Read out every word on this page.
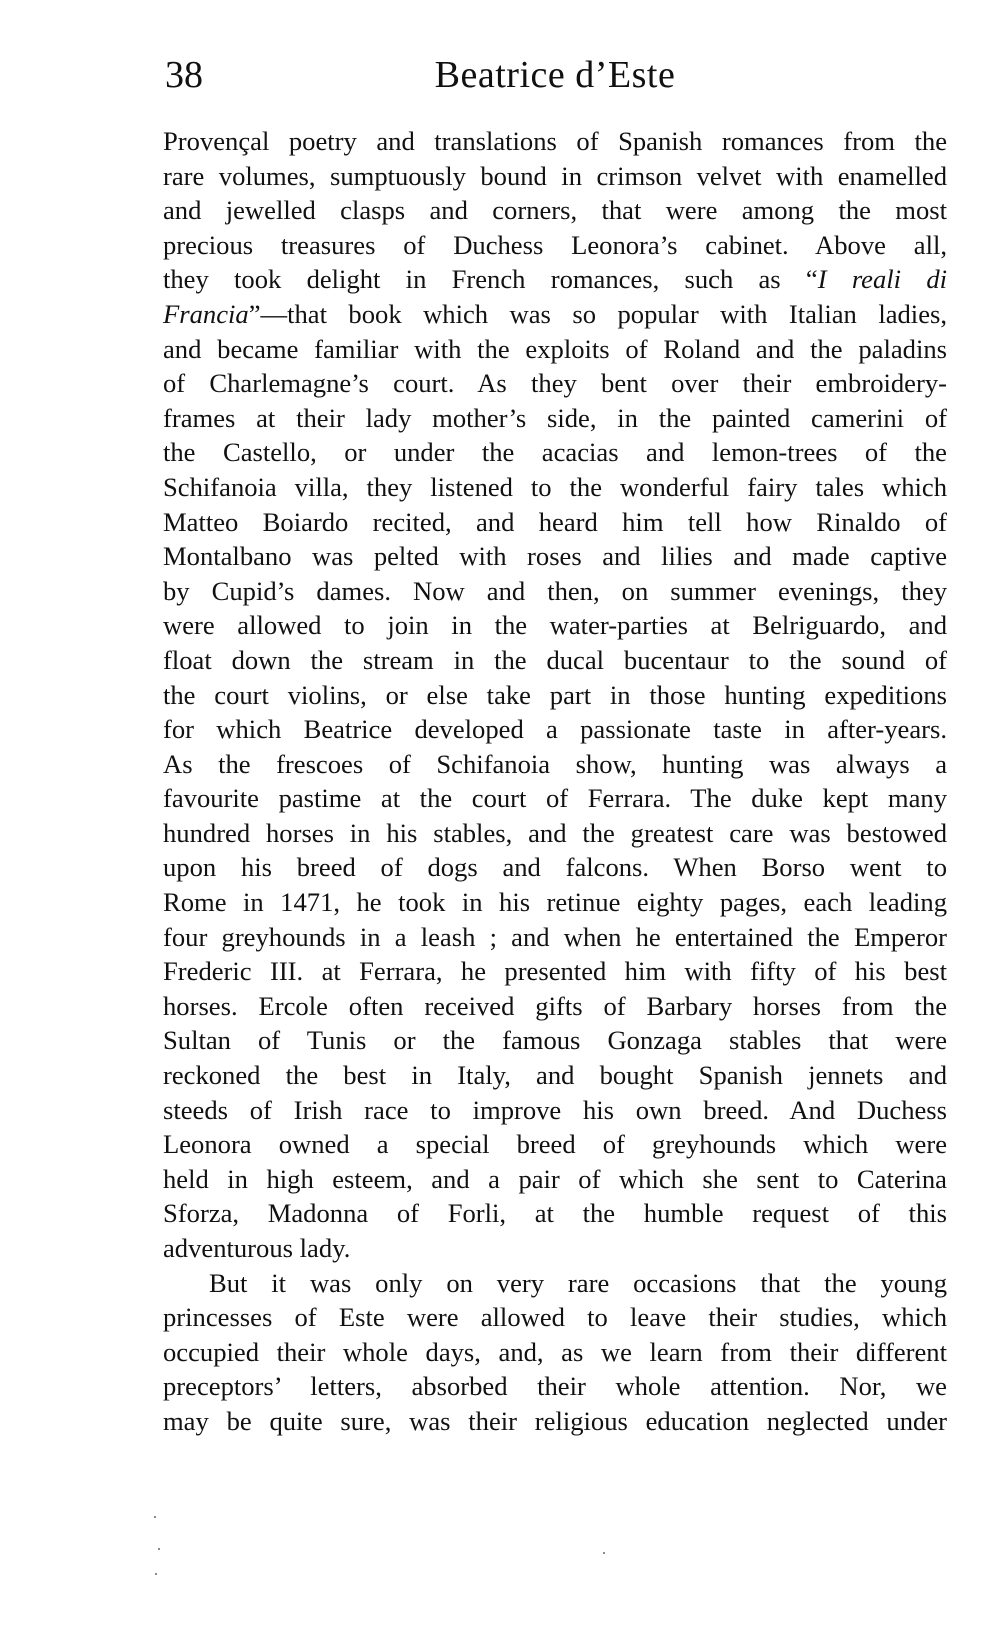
38	Beatrice d’Este
Provençal poetry and translations of Spanish romances from the
rare volumes, sumptuously bound in crimson velvet with enamelled
and jewelled clasps and corners, that were among the most
precious treasures of Duchess Leonora’s cabinet. Above all,
they took delight in French romances, such as “I reali di
Francia”—that book which was so popular with Italian ladies,
and became familiar with the exploits of Roland and the paladins
of Charlemagne’s court. As they bent over their embroidery-
frames at their lady mother’s side, in the painted camerini of
the Castello, or under the acacias and lemon-trees of the
Schifanoia villa, they listened to the wonderful fairy tales which
Matteo Boiardo recited, and heard him tell how Rinaldo of
Montalbano was pelted with roses and lilies and made captive
by Cupid’s dames. Now and then, on summer evenings, they
were allowed to join in the water-parties at Belriguardo, and
float down the stream in the ducal bucentaur to the sound of
the court violins, or else take part in those hunting expeditions
for which Beatrice developed a passionate taste in after-years.
As the frescoes of Schifanoia show, hunting was always a
favourite pastime at the court of Ferrara. The duke kept many
hundred horses in his stables, and the greatest care was bestowed
upon his breed of dogs and falcons. When Borso went to
Rome in 1471, he took in his retinue eighty pages, each leading
four greyhounds in a leash ; and when he entertained the Emperor
Frederic III. at Ferrara, he presented him with fifty of his best
horses. Ercole often received gifts of Barbary horses from the
Sultan of Tunis or the famous Gonzaga stables that were
reckoned the best in Italy, and bought Spanish jennets and
steeds of Irish race to improve his own breed. And Duchess
Leonora owned a special breed of greyhounds which were
held in high esteem, and a pair of which she sent to Caterina
Sforza, Madonna of Forli, at the humble request of this
adventurous lady.
But it was only on very rare occasions that the young
princesses of Este were allowed to leave their studies, which
occupied their whole days, and, as we learn from their different
preceptors’ letters, absorbed their whole attention. Nor, we
may be quite sure, was their religious education neglected under
